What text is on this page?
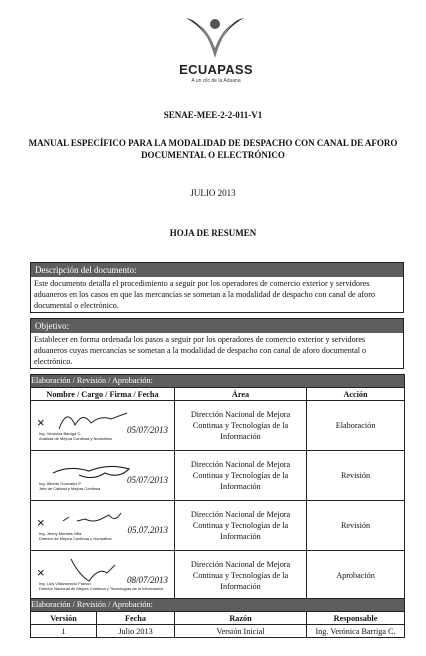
ECUAPASS
A un clic de la Aduana
SENAE-MEE-2-2-011-V1
MANUAL ESPECÍFICO PARA LA MODALIDAD DE DESPACHO CON CANAL DE AFORO DOCUMENTAL O ELECTRÓNICO
JULIO 2013
HOJA DE RESUMEN
Descripción del documento:
Este documento detalla el procedimiento a seguir por los operadores de comercio exterior y servidores aduaneros en los casos en que las mercancías se sometan a la modalidad de despacho con canal de aforo documental o electrónico.
Objetivo:
Establecer en forma ordenada los pasos a seguir por los operadores de comercio exterior y servidores aduaneros cuyas mercancías se sometan a la modalidad de despacho con canal de aforo documental o electrónico.
Elaboración / Revisión / Aprobación:		
Nombre / Cargo / Firma / Fecha	Área	Acción

×
Ing. Verónica Barriga C.
Analista de Mejora Continua y Normativa
05/07/2013	Dirección Nacional de Mejora Continua y Tecnologías de la Información	Elaboración

Ing. Alberto Gonzalez P.
Jefe de Calidad y Mejora Continua
05/07/2013	Dirección Nacional de Mejora Continua y Tecnologías de la Información	Revisión

×
Ing. Jenny Morales Villa
Director de Mejora Continua y Normativa
05.07.2013	Dirección Nacional de Mejora Continua y Tecnologías de la Información	Revisión

×
Ing. Luis Villavicencio Franco
Director Nacional de Mejora Continua y Tecnologías de la Información
08/07/2013	Dirección Nacional de Mejora Continua y Tecnologías de la Información	Aprobación
Elaboración / Revisión / Aprobación:			
Versión	Fecha	Razón	Responsable
1	Julio 2013	Versión Inicial	Ing. Verónica Barriga C.
